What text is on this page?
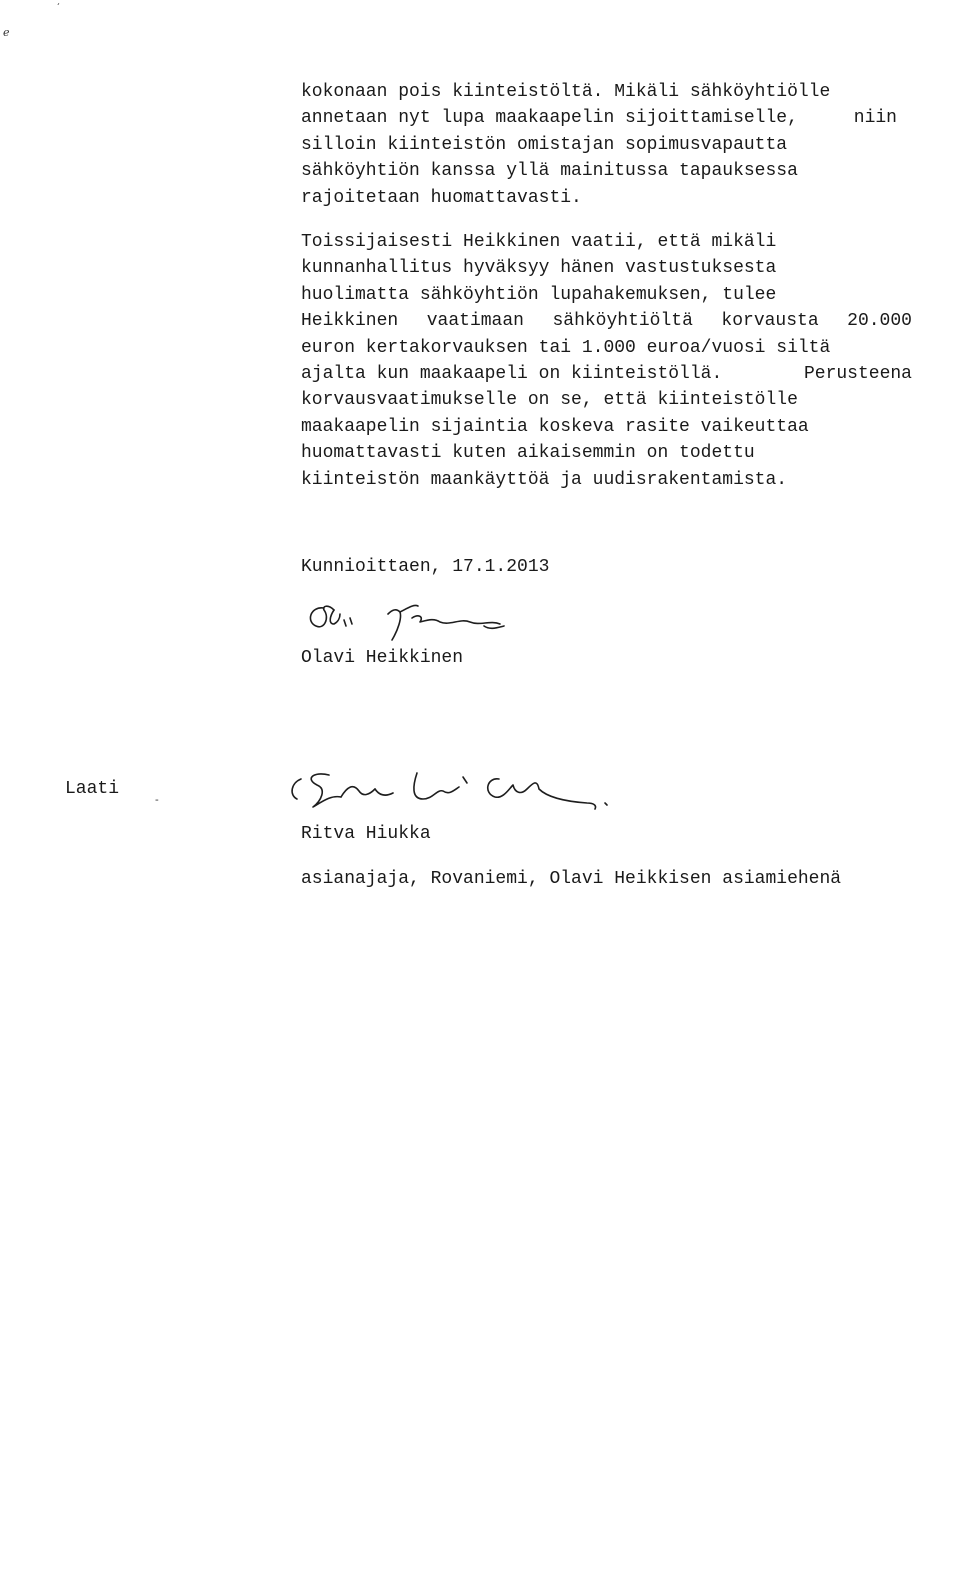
e
‘
kokonaan pois kiinteistöltä. Mikäli sähköyhtiölle
annetaan nyt lupa maakaapelin sijoittamiselle,	niin
silloin kiinteistön omistajan sopimusvapautta
sähköyhtiön kanssa yllä mainitussa tapauksessa
rajoitetaan huomattavasti.
Toissijaisesti Heikkinen vaatii, että mikäli
kunnanhallitus hyväksyy hänen vastustuksesta
huolimatta sähköyhtiön lupahakemuksen, tulee
Heikkinen vaatimaan sähköyhtiöltä korvausta 20.000
euron kertakorvauksen tai 1.000 euroa/vuosi siltä
ajalta kun maakaapeli on kiinteistöllä.	Perusteena
korvausvaatimukselle on se, että kiinteistölle
maakaapelin sijaintia koskeva rasite vaikeuttaa
huomattavasti kuten aikaisemmin on todettu
kiinteistön maankäyttöä ja uudisrakentamista.
Kunnioittaen, 17.1.2013
Olavi Heikkinen
Laati
-
Ritva Hiukka
asianajaja, Rovaniemi, Olavi Heikkisen asiamiehenä
